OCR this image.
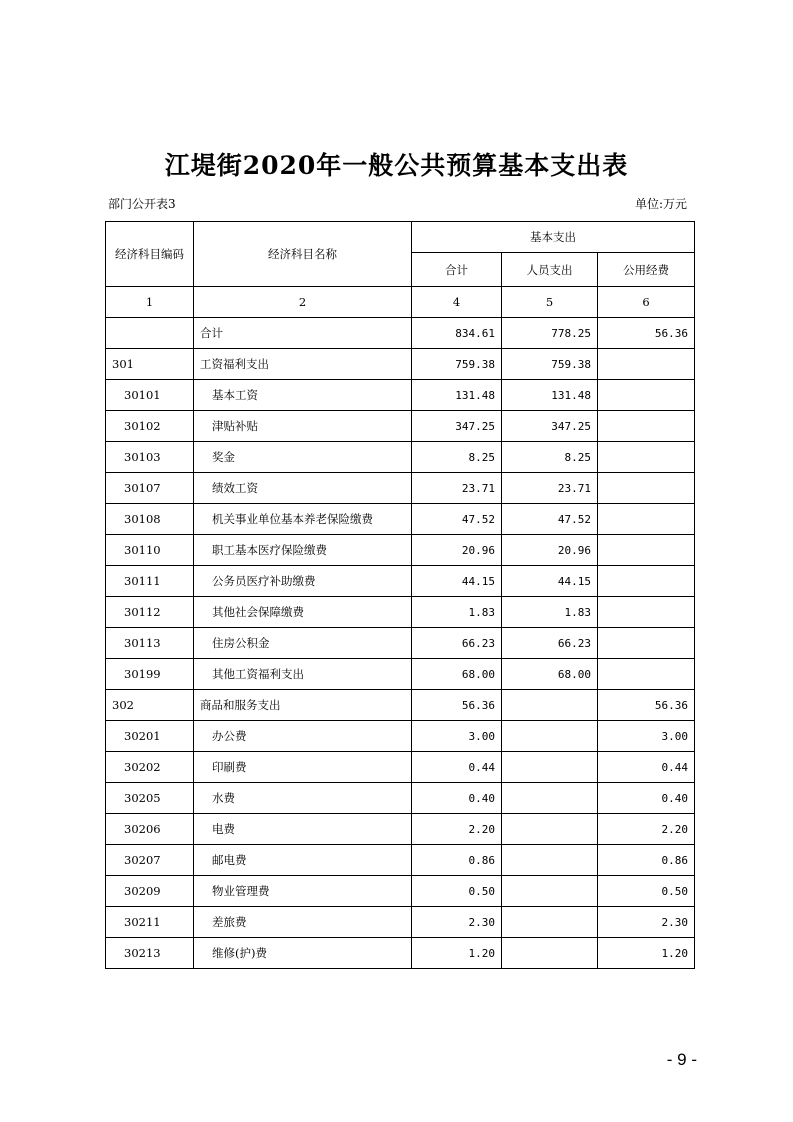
江堤街2020年一般公共预算基本支出表
部门公开表3	单位:万元
经济科目编码	经济科目名称	基本支出		
		合计	人员支出	公用经费
1	2	4	5	6
	合计	834.61	778.25	56.36
301	工资福利支出	759.38	759.38	
30101	基本工资	131.48	131.48	
30102	津贴补贴	347.25	347.25	
30103	奖金	8.25	8.25	
30107	绩效工资	23.71	23.71	
30108	机关事业单位基本养老保险缴费	47.52	47.52	
30110	职工基本医疗保险缴费	20.96	20.96	
30111	公务员医疗补助缴费	44.15	44.15	
30112	其他社会保障缴费	1.83	1.83	
30113	住房公积金	66.23	66.23	
30199	其他工资福利支出	68.00	68.00	
302	商品和服务支出	56.36		56.36
30201	办公费	3.00		3.00
30202	印刷费	0.44		0.44
30205	水费	0.40		0.40
30206	电费	2.20		2.20
30207	邮电费	0.86		0.86
30209	物业管理费	0.50		0.50
30211	差旅费	2.30		2.30
30213	维修(护)费	1.20		1.20
- 9 -
